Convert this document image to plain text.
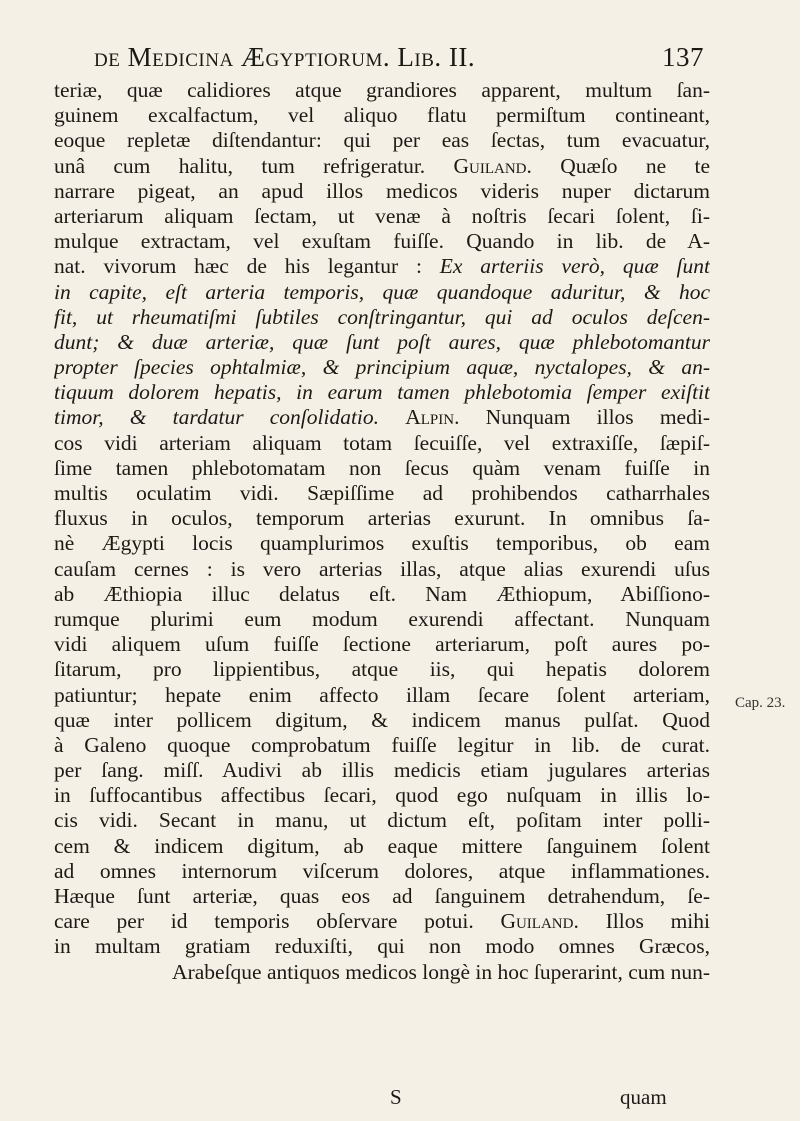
de Medicina Ægyptiorum. Lib. II.	137
teriæ, quæ calidiores atque grandiores apparent, multum ſan-
guinem excalfactum, vel aliquo flatu permiſtum contineant,
eoque repletæ diſtendantur: qui per eas ſectas, tum evacuatur,
unâ cum halitu, tum refrigeratur. Guiland. Quæſo ne te
narrare pigeat, an apud illos medicos videris nuper dictarum
arteriarum aliquam ſectam, ut venæ à noſtris ſecari ſolent, ſi-
mulque extractam, vel exuſtam fuiſſe. Quando in lib. de A-
nat. vivorum hæc de his legantur : Ex arteriis verò, quæ ſunt
in capite, eſt arteria temporis, quæ quandoque aduritur, & hoc
fit, ut rheumatiſmi ſubtiles conſtringantur, qui ad oculos deſcen-
dunt; & duæ arteriæ, quæ ſunt poſt aures, quæ phlebotomantur
propter ſpecies ophtalmiæ, & principium aquæ, nyctalopes, & an-
tiquum dolorem hepatis, in earum tamen phlebotomia ſemper exiſtit
timor, & tardatur conſolidatio. Alpin. Nunquam illos medi-
cos vidi arteriam aliquam totam ſecuiſſe, vel extraxiſſe, ſæpiſ-
ſime tamen phlebotomatam non ſecus quàm venam fuiſſe in
multis oculatim vidi. Sæpiſſime ad prohibendos catharrhales
fluxus in oculos, temporum arterias exurunt. In omnibus ſa-
nè Ægypti locis quamplurimos exuſtis temporibus, ob eam
cauſam cernes : is vero arterias illas, atque alias exurendi uſus
ab Æthiopia illuc delatus eſt. Nam Æthiopum, Abiſſiono-
rumque plurimi eum modum exurendi affectant. Nunquam
vidi aliquem uſum fuiſſe ſectione arteriarum, poſt aures po-
ſitarum, pro lippientibus, atque iis, qui hepatis dolorem
patiuntur; hepate enim affecto illam ſecare ſolent arteriam,
quæ inter pollicem digitum, & indicem manus pulſat. Quod
à Galeno quoque comprobatum fuiſſe legitur in lib. de curat.
per ſang. miſſ. Audivi ab illis medicis etiam jugulares arterias
in ſuffocantibus affectibus ſecari, quod ego nuſquam in illis lo-
cis vidi. Secant in manu, ut dictum eſt, poſitam inter polli-
cem & indicem digitum, ab eaque mittere ſanguinem ſolent
ad omnes internorum viſcerum dolores, atque inflammationes.
Hæque ſunt arteriæ, quas eos ad ſanguinem detrahendum, ſe-
care per id temporis obſervare potui. Guiland. Illos mihi
in multam gratiam reduxiſti, qui non modo omnes Græcos,
Arabeſque antiquos medicos longè in hoc ſuperarint, cum nun-
Cap. 23.
S	quam
